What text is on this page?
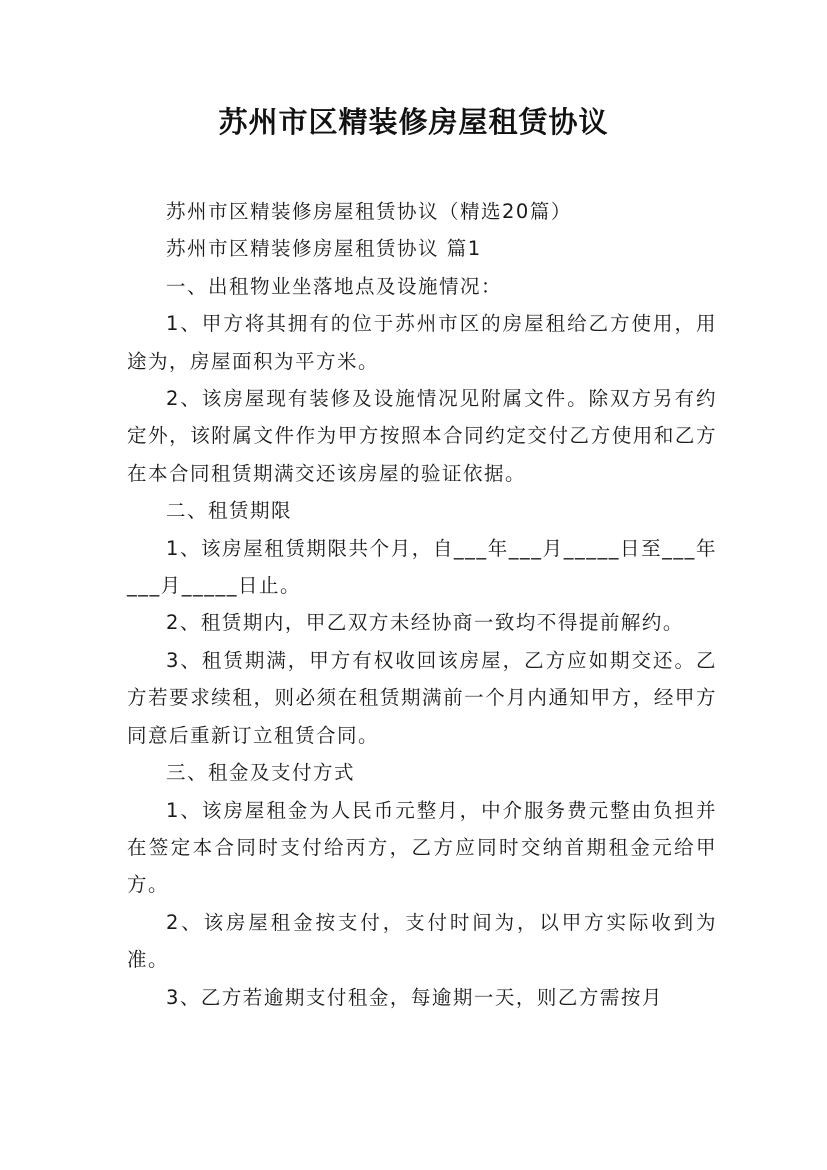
苏州市区精装修房屋租赁协议

苏州市区精装修房屋租赁协议（精选20篇）

苏州市区精装修房屋租赁协议 篇1

一、出租物业坐落地点及设施情况：

1、甲方将其拥有的位于苏州市区的房屋租给乙方使用，用途为，房屋面积为平方米。

2、该房屋现有装修及设施情况见附属文件。除双方另有约定外，该附属文件作为甲方按照本合同约定交付乙方使用和乙方在本合同租赁期满交还该房屋的验证依据。

二、租赁期限

1、该房屋租赁期限共个月，自___年___月_____日至___年___月_____日止。

2、租赁期内，甲乙双方未经协商一致均不得提前解约。

3、租赁期满，甲方有权收回该房屋，乙方应如期交还。乙方若要求续租，则必须在租赁期满前一个月内通知甲方，经甲方同意后重新订立租赁合同。

三、租金及支付方式

1、该房屋租金为人民币元整月，中介服务费元整由负担并在签定本合同时支付给丙方，乙方应同时交纳首期租金元给甲方。

2、该房屋租金按支付，支付时间为，以甲方实际收到为准。

3、乙方若逾期支付租金，每逾期一天，则乙方需按月
